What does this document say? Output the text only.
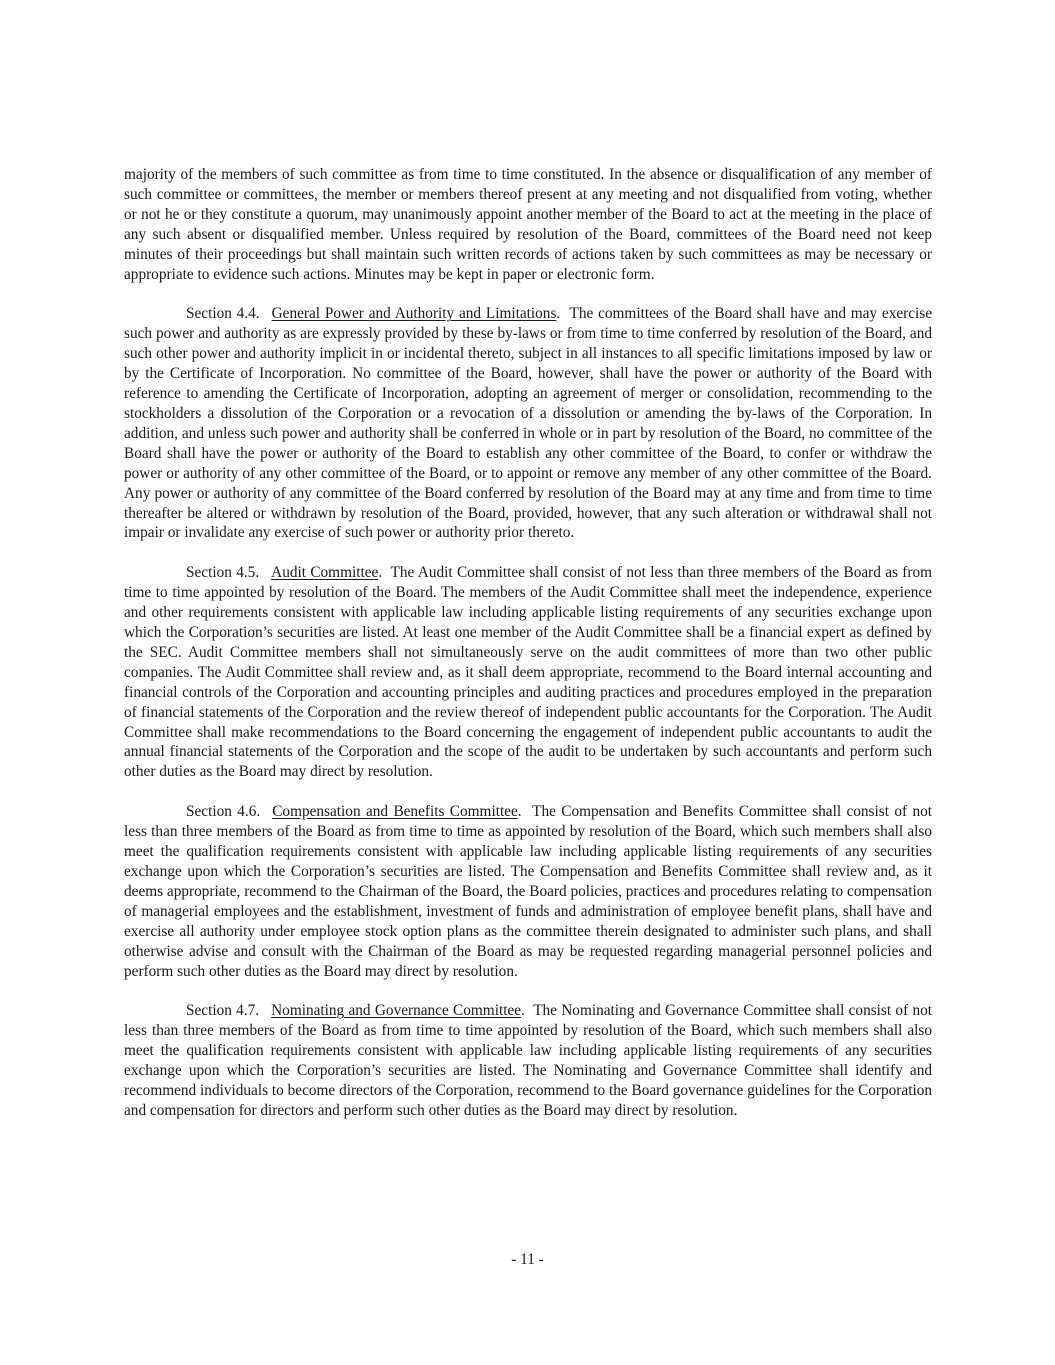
majority of the members of such committee as from time to time constituted. In the absence or disqualification of any member of such committee or committees, the member or members thereof present at any meeting and not disqualified from voting, whether or not he or they constitute a quorum, may unanimously appoint another member of the Board to act at the meeting in the place of any such absent or disqualified member. Unless required by resolution of the Board, committees of the Board need not keep minutes of their proceedings but shall maintain such written records of actions taken by such committees as may be necessary or appropriate to evidence such actions. Minutes may be kept in paper or electronic form.

Section 4.4. General Power and Authority and Limitations.  The committees of the Board shall have and may exercise such power and authority as are expressly provided by these by-laws or from time to time conferred by resolution of the Board, and such other power and authority implicit in or incidental thereto, subject in all instances to all specific limitations imposed by law or by the Certificate of Incorporation. No committee of the Board, however, shall have the power or authority of the Board with reference to amending the Certificate of Incorporation, adopting an agreement of merger or consolidation, recommending to the stockholders a dissolution of the Corporation or a revocation of a dissolution or amending the by-laws of the Corporation. In addition, and unless such power and authority shall be conferred in whole or in part by resolution of the Board, no committee of the Board shall have the power or authority of the Board to establish any other committee of the Board, to confer or withdraw the power or authority of any other committee of the Board, or to appoint or remove any member of any other committee of the Board. Any power or authority of any committee of the Board conferred by resolution of the Board may at any time and from time to time thereafter be altered or withdrawn by resolution of the Board, provided, however, that any such alteration or withdrawal shall not impair or invalidate any exercise of such power or authority prior thereto.

Section 4.5. Audit Committee.  The Audit Committee shall consist of not less than three members of the Board as from time to time appointed by resolution of the Board. The members of the Audit Committee shall meet the independence, experience and other requirements consistent with applicable law including applicable listing requirements of any securities exchange upon which the Corporation’s securities are listed. At least one member of the Audit Committee shall be a financial expert as defined by the SEC. Audit Committee members shall not simultaneously serve on the audit committees of more than two other public companies. The Audit Committee shall review and, as it shall deem appropriate, recommend to the Board internal accounting and financial controls of the Corporation and accounting principles and auditing practices and procedures employed in the preparation of financial statements of the Corporation and the review thereof of independent public accountants for the Corporation. The Audit Committee shall make recommendations to the Board concerning the engagement of independent public accountants to audit the annual financial statements of the Corporation and the scope of the audit to be undertaken by such accountants and perform such other duties as the Board may direct by resolution.

Section 4.6. Compensation and Benefits Committee.  The Compensation and Benefits Committee shall consist of not less than three members of the Board as from time to time as appointed by resolution of the Board, which such members shall also meet the qualification requirements consistent with applicable law including applicable listing requirements of any securities exchange upon which the Corporation’s securities are listed. The Compensation and Benefits Committee shall review and, as it deems appropriate, recommend to the Chairman of the Board, the Board policies, practices and procedures relating to compensation of managerial employees and the establishment, investment of funds and administration of employee benefit plans, shall have and exercise all authority under employee stock option plans as the committee therein designated to administer such plans, and shall otherwise advise and consult with the Chairman of the Board as may be requested regarding managerial personnel policies and perform such other duties as the Board may direct by resolution.

Section 4.7. Nominating and Governance Committee.  The Nominating and Governance Committee shall consist of not less than three members of the Board as from time to time appointed by resolution of the Board, which such members shall also meet the qualification requirements consistent with applicable law including applicable listing requirements of any securities exchange upon which the Corporation’s securities are listed. The Nominating and Governance Committee shall identify and recommend individuals to become directors of the Corporation, recommend to the Board governance guidelines for the Corporation and compensation for directors and perform such other duties as the Board may direct by resolution.

- 11 -
